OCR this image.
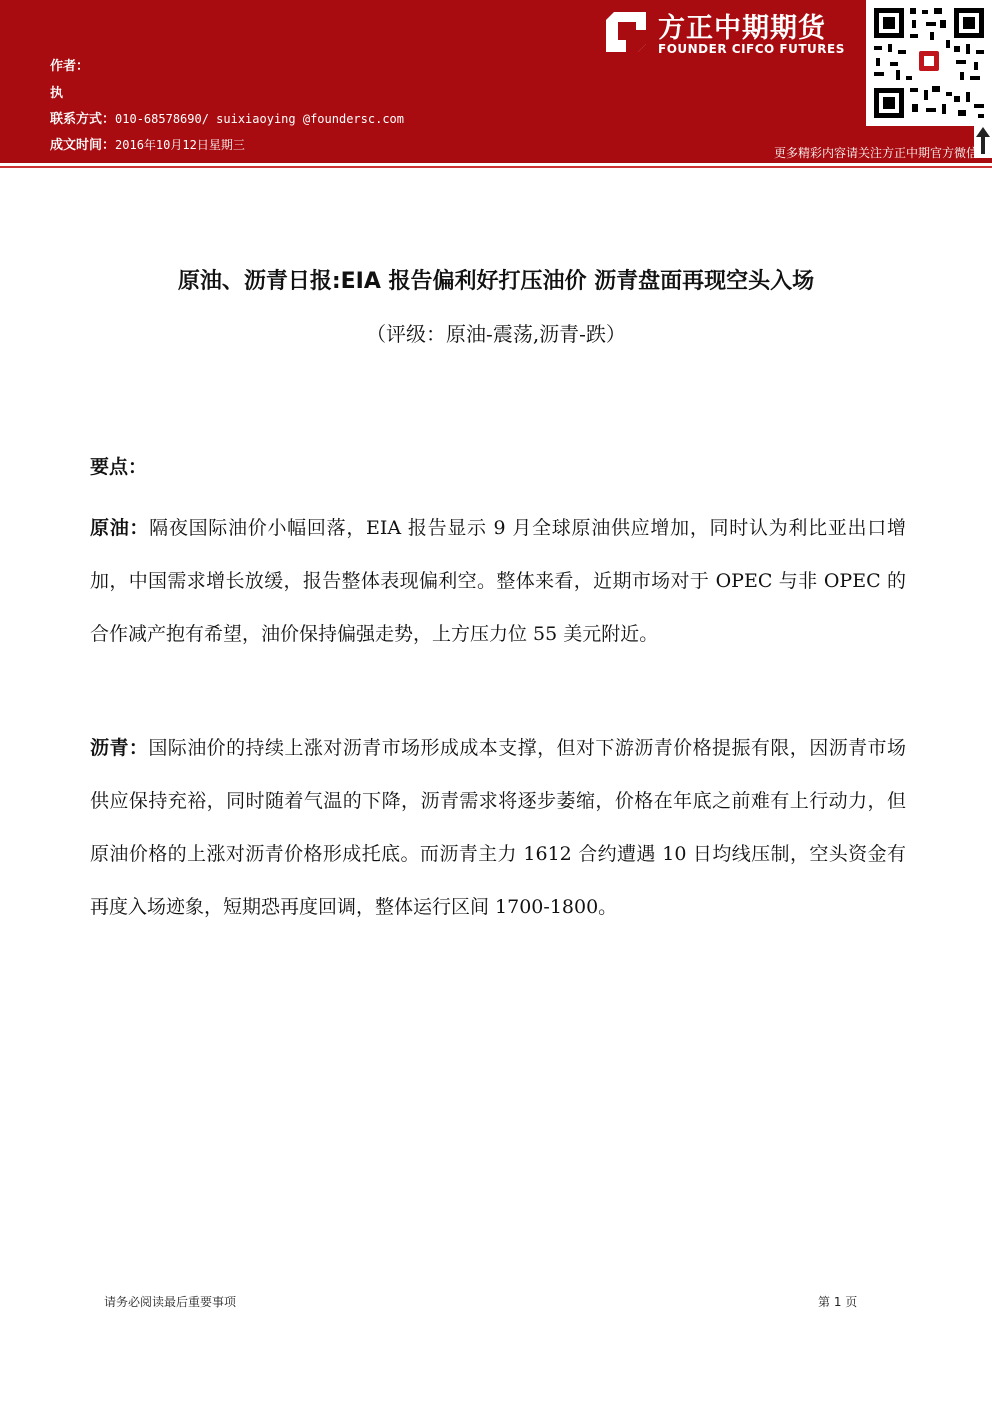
作者：
执
联系方式：010-68578690/ suixiaoying @foundersc.com
成文时间：2016年10月12日星期三
方正中期期货
FOUNDER CIFCO FUTURES
更多精彩内容请关注方正中期官方微信
原油、沥青日报:EIA 报告偏利好打压油价 沥青盘面再现空头入场
（评级：原油-震荡,沥青-跌）
要点：
原油：隔夜国际油价小幅回落，EIA 报告显示 9 月全球原油供应增加，同时认为利比亚出口增加，中国需求增长放缓，报告整体表现偏利空。整体来看，近期市场对于 OPEC 与非 OPEC 的合作减产抱有希望，油价保持偏强走势，上方压力位 55 美元附近。
沥青：国际油价的持续上涨对沥青市场形成成本支撑，但对下游沥青价格提振有限，因沥青市场供应保持充裕，同时随着气温的下降，沥青需求将逐步萎缩，价格在年底之前难有上行动力，但原油价格的上涨对沥青价格形成托底。而沥青主力 1612 合约遭遇 10 日均线压制，空头资金有再度入场迹象，短期恐再度回调，整体运行区间 1700-1800。
请务必阅读最后重要事项	第 1 页
